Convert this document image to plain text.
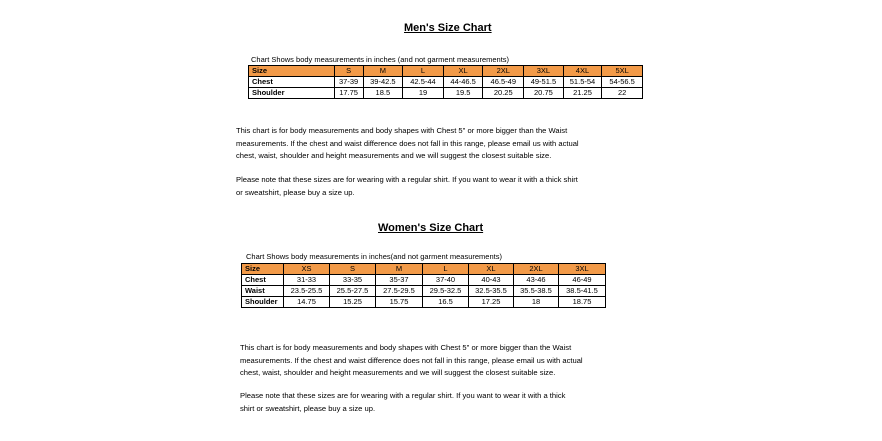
Men's Size Chart
Chart Shows body measurements in inches (and not garment measurements)
Size	S	M	L	XL	2XL	3XL	4XL	5XL
Chest	37-39	39-42.5	42.5-44	44-46.5	46.5-49	49-51.5	51.5-54	54-56.5
Shoulder	17.75	18.5	19	19.5	20.25	20.75	21.25	22
This chart is for body measurements and body shapes with Chest 5" or more bigger than the Waist
measurements. If the chest and waist difference does not fall in this range, please email us with actual
chest, waist, shoulder and height measurements and we will suggest the closest suitable size.
Please note that these sizes are for wearing with a regular shirt. If you want to wear it with a thick shirt
or sweatshirt, please buy a size up.
Women's Size Chart
Chart Shows body measurements in inches(and not garment measurements)
Size	XS	S	M	L	XL	2XL	3XL
Chest	31-33	33-35	35-37	37-40	40-43	43-46	46-49
Waist	23.5-25.5	25.5-27.5	27.5-29.5	29.5-32.5	32.5-35.5	35.5-38.5	38.5-41.5
Shoulder	14.75	15.25	15.75	16.5	17.25	18	18.75
This chart is for body measurements and body shapes with Chest 5" or more bigger than the Waist
measurements. If the chest and waist difference does not fall in this range, please email us with actual
chest, waist, shoulder and height measurements and we will suggest the closest suitable size.
Please note that these sizes are for wearing with a regular shirt. If you want to wear it with a thick
shirt or sweatshirt, please buy a size up.
